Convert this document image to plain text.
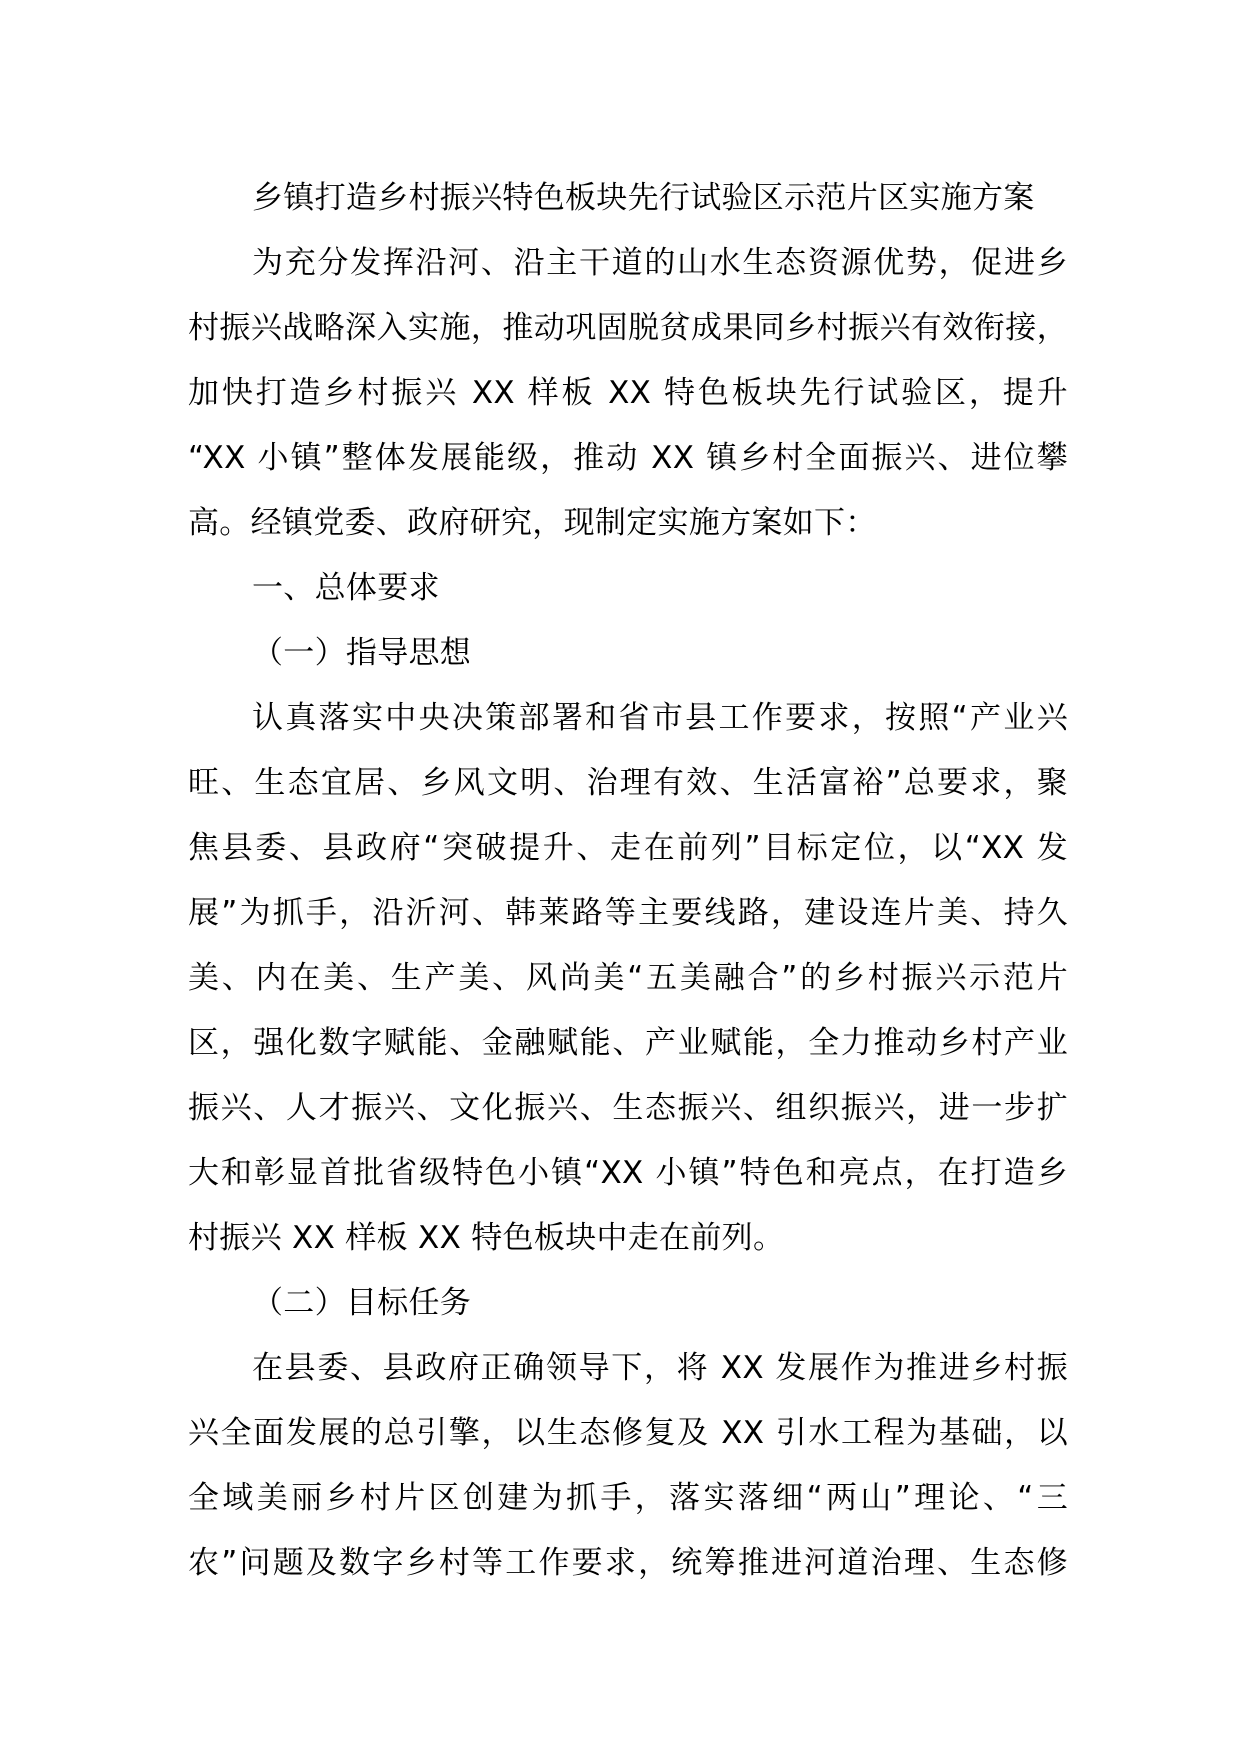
乡镇打造乡村振兴特色板块先行试验区示范片区实施方案
为充分发挥沿河、沿主干道的山水生态资源优势，促进乡
村振兴战略深入实施，推动巩固脱贫成果同乡村振兴有效衔接，
加快打造乡村振兴 XX 样板 XX 特色板块先行试验区，提升
“XX 小镇”整体发展能级，推动 XX 镇乡村全面振兴、进位攀
高。经镇党委、政府研究，现制定实施方案如下：
一、总体要求
（一）指导思想
认真落实中央决策部署和省市县工作要求，按照“产业兴
旺、生态宜居、乡风文明、治理有效、生活富裕”总要求，聚
焦县委、县政府“突破提升、走在前列”目标定位，以“XX 发
展”为抓手，沿沂河、韩莱路等主要线路，建设连片美、持久
美、内在美、生产美、风尚美“五美融合”的乡村振兴示范片
区，强化数字赋能、金融赋能、产业赋能，全力推动乡村产业
振兴、人才振兴、文化振兴、生态振兴、组织振兴，进一步扩
大和彰显首批省级特色小镇“XX 小镇”特色和亮点，在打造乡
村振兴 XX 样板 XX 特色板块中走在前列。
（二）目标任务
在县委、县政府正确领导下，将 XX 发展作为推进乡村振
兴全面发展的总引擎，以生态修复及 XX 引水工程为基础，以
全域美丽乡村片区创建为抓手，落实落细“两山”理论、“三
农”问题及数字乡村等工作要求，统筹推进河道治理、生态修
